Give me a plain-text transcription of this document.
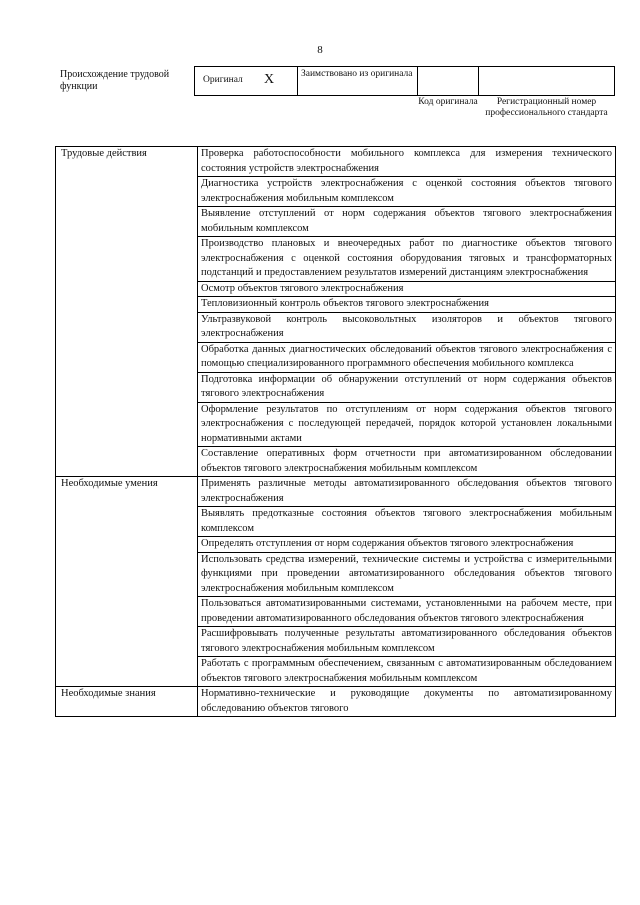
8
Происхождение трудовой функции
Оригинал X	Заимствовано из оригинала
Код оригинала	Регистрационный номер профессионального стандарта
Трудовые действия	Проверка работоспособности мобильного комплекса для измерения технического состояния устройств электроснабжения
	Диагностика устройств электроснабжения с оценкой состояния объектов тягового электроснабжения мобильным комплексом
	Выявление отступлений от норм содержания объектов тягового электроснабжения мобильным комплексом
	Производство плановых и внеочередных работ по диагностике объектов тягового электроснабжения с оценкой состояния оборудования тяговых и трансформаторных подстанций и предоставлением результатов измерений дистанциям электроснабжения
	Осмотр объектов тягового электроснабжения
	Тепловизионный контроль объектов тягового электроснабжения
	Ультразвуковой контроль высоковольтных изоляторов и объектов тягового электроснабжения
	Обработка данных диагностических обследований объектов тягового электроснабжения с помощью специализированного программного обеспечения мобильного комплекса
	Подготовка информации об обнаружении отступлений от норм содержания объектов тягового электроснабжения
	Оформление результатов по отступлениям от норм содержания объектов тягового электроснабжения с последующей передачей, порядок которой установлен локальными нормативными актами
	Составление оперативных форм отчетности при автоматизированном обследовании объектов тягового электроснабжения мобильным комплексом
Необходимые умения	Применять различные методы автоматизированного обследования объектов тягового электроснабжения
	Выявлять предотказные состояния объектов тягового электроснабжения мобильным комплексом
	Определять отступления от норм содержания объектов тягового электроснабжения
	Использовать средства измерений, технические системы и устройства с измерительными функциями при проведении автоматизированного обследования объектов тягового электроснабжения мобильным комплексом
	Пользоваться автоматизированными системами, установленными на рабочем месте, при проведении автоматизированного обследования объектов тягового электроснабжения
	Расшифровывать полученные результаты автоматизированного обследования объектов тягового электроснабжения мобильным комплексом
	Работать с программным обеспечением, связанным с автоматизированным обследованием объектов тягового электроснабжения мобильным комплексом
Необходимые знания	Нормативно-технические и руководящие документы по автоматизированному обследованию объектов тягового
